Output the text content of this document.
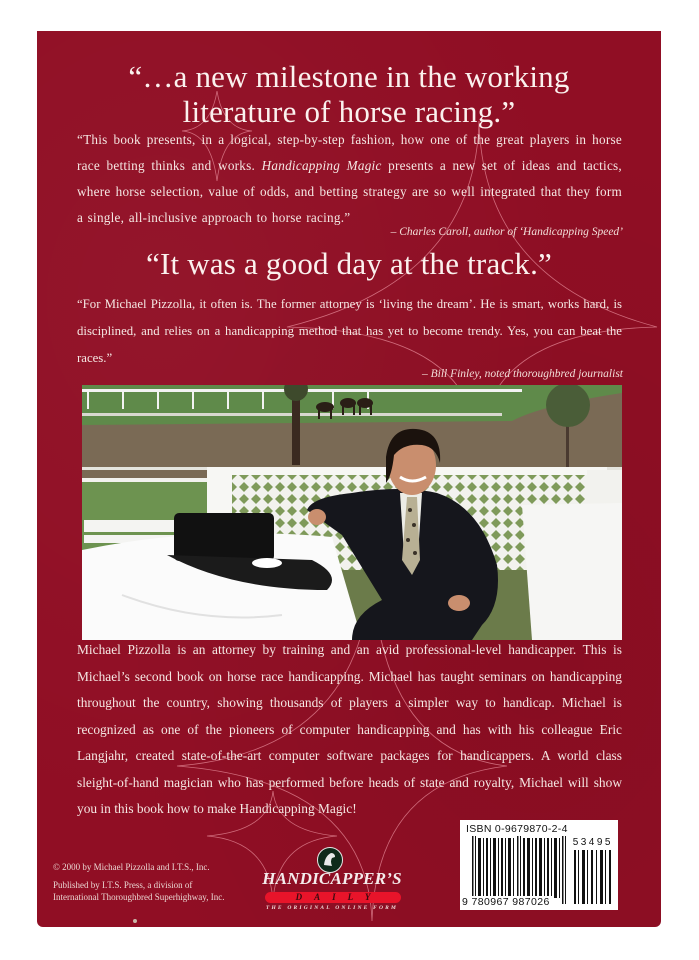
“…a new milestone in the working
literature of horse racing.”
“This book presents, in a logical, step-by-step fashion, how one of the great players in horse race betting thinks and works. Handicapping Magic presents a new set of ideas and tactics, where horse selection, value of odds, and betting strategy are so well integrated that they form a single, all-inclusive approach to horse racing.”
– Charles Caroll, author of ‘Handicapping Speed’
“It was a good day at the track.”
“For Michael Pizzolla, it often is. The former attorney is ‘living the dream’. He is smart, works hard, is disciplined, and relies on a handicapping method that has yet to become trendy. Yes, you can beat the races.”
– Bill Finley, noted thoroughbred journalist
Michael Pizzolla is an attorney by training and an avid professional-level handicapper. This is Michael’s second book on horse race handicapping. Michael has taught seminars on handicapping throughout the country, showing thousands of players a simpler way to handicap. Michael is recognized as one of the pioneers of computer handicapping and has with his colleague Eric Langjahr, created state-of-the-art computer software packages for handicappers. A world class sleight-of-hand magician who has performed before heads of state and royalty, Michael will show you in this book how to make Handicapping Magic!
ISBN 0-9679870-2-4
53495
9 780967 987026
© 2000 by Michael Pizzolla and I.T.S., Inc.
Published by I.T.S. Press, a division of
International Thoroughbred Superhighway, Inc.
HANDICAPPER’S
DAILY
THE ORIGINAL ONLINE FORM
